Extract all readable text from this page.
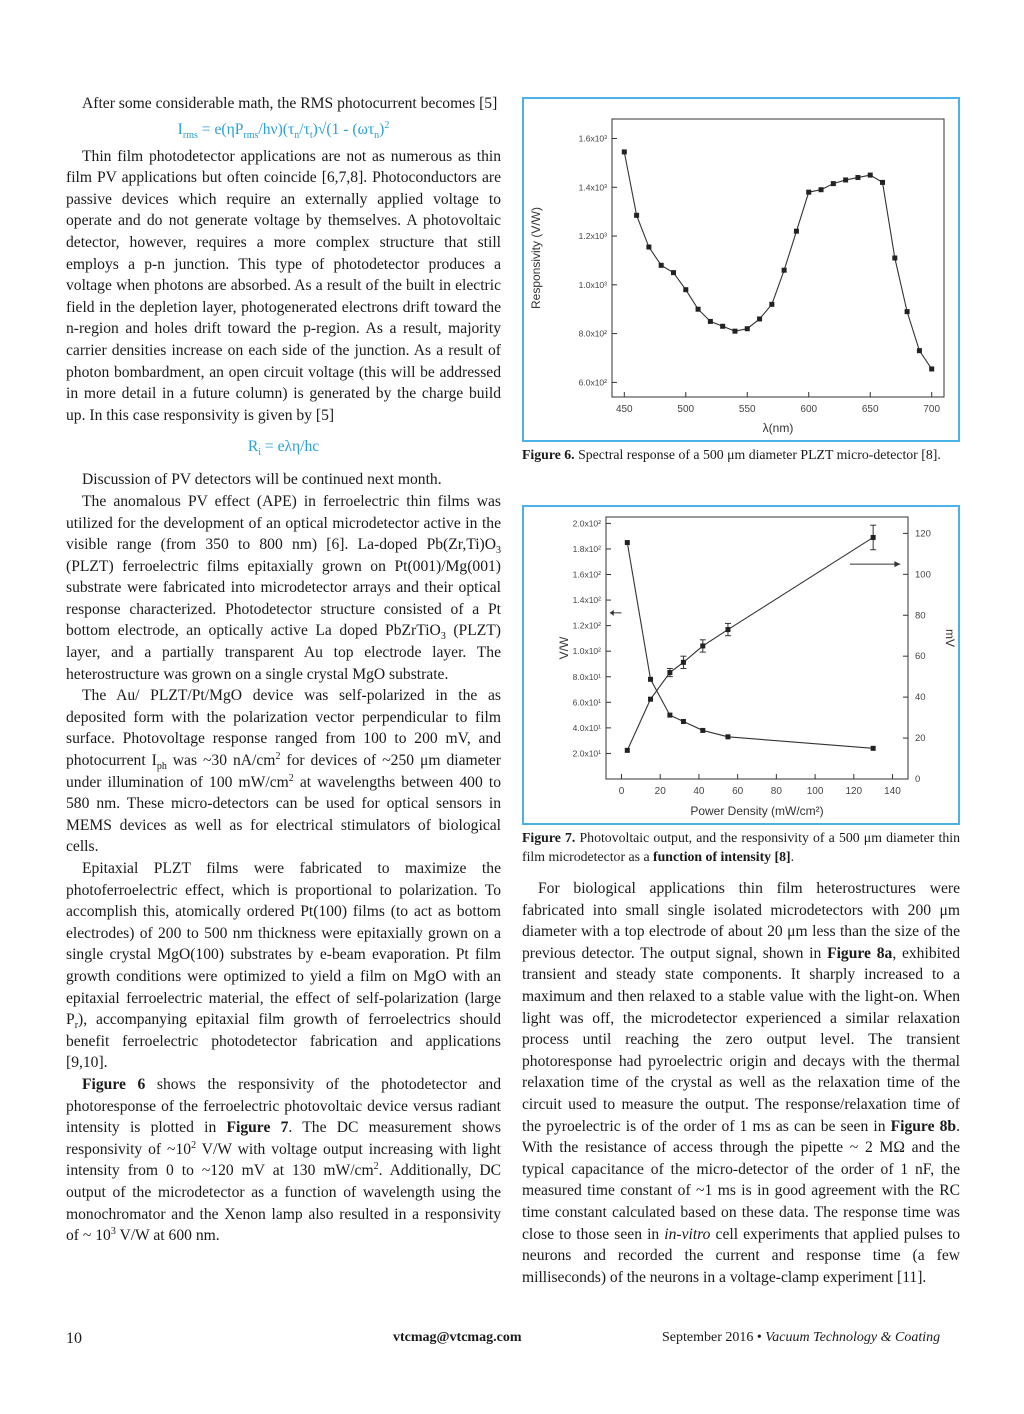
After some considerable math, the RMS photocurrent becomes [5]

$I_{rms} = e(\eta P_{rms}/h\nu)(\tau_n/\tau_t)√(1 - (\omega\tau_n)^2$

Thin film photodetector applications are not as numerous as thin film PV applications but often coincide [6,7,8]. Photoconductors are passive devices which require an externally applied voltage to operate and do not generate voltage by themselves. A photovoltaic detector, however, requires a more complex structure that still employs a p-n junction. This type of photodetector produces a voltage when photons are absorbed. As a result of the built in electric field in the depletion layer, photogenerated electrons drift toward the n-region and holes drift toward the p-region. As a result, majority carrier densities increase on each side of the junction. As a result of photon bombardment, an open circuit voltage (this will be addressed in more detail in a future column) is generated by the charge build up. In this case responsivity is given by [5]

$R_i = e\lambda\eta/hc$

Discussion of PV detectors will be continued next month.

The anomalous PV effect (APE) in ferroelectric thin films was utilized for the development of an optical microdetector active in the visible range (from 350 to 800 nm) [6]. La-doped $Pb(Zr,Ti)O_3$ (PLZT) ferroelectric films epitaxially grown on Pt(001)/Mg(001) substrate were fabricated into microdetector arrays and their optical response characterized. Photodetector structure consisted of a Pt bottom electrode, an optically active La doped PbZrTiO$_3$ (PLZT) layer, and a partially transparent Au top electrode layer. The heterostructure was grown on a single crystal MgO substrate.

The Au/ PLZT/Pt/MgO device was self-polarized in the as deposited form with the polarization vector perpendicular to film surface. Photovoltage response ranged from 100 to 200 mV, and photocurrent $I_{ph}$ was ~30 $nA/cm^2$ for devices of ~250 μm diameter under illumination of 100 $mW/cm^2$ at wavelengths between 400 to 580 nm. These micro-detectors can be used for optical sensors in MEMS devices as well as for electrical stimulators of biological cells.

Epitaxial PLZT films were fabricated to maximize the photoferroelectric effect, which is proportional to polarization. To accomplish this, atomically ordered Pt(100) films (to act as bottom electrodes) of 200 to 500 nm thickness were epitaxially grown on a single crystal MgO(100) substrates by e-beam evaporation. Pt film growth conditions were optimized to yield a film on MgO with an epitaxial ferroelectric material, the effect of self-polarization (large $P_r$), accompanying epitaxial film growth of ferroelectrics should benefit ferroelectric photodetector fabrication and applications [9,10].

Figure 6 shows the responsivity of the photodetector and photoresponse of the ferroelectric photovoltaic device versus radiant intensity is plotted in Figure 7. The DC measurement shows responsivity of $\sim 10^2$ V/W with voltage output increasing with light intensity from 0 to ~120 mV at 130 $mW/cm^2$. Additionally, DC output of the microdetector as a function of wavelength using the monochromator and the Xenon lamp also resulted in a responsivity of ~ $10^3$ V/W at 600 nm.

450	500	550	600	650	700
6.0x10²
8.0x10²
1.0x10³
1.2x10³
1.4x10³
1.6x10³
λ(nm)
Responsivity (V/W)
Figure 6. Spectral response of a 500 μm diameter PLZT micro-detector [8].
0	20	40	60	80 100 120 140
2.0x10¹
4.0x10¹
6.0x10¹
8.0x10¹
1.0x10²
1.2x10²
1.4x10²
1.6x10²
1.8x10²
2.0x10²
0
20
40
60
80
100
120
Power Density (mW/cm²)
V/W	mV
Figure 7. Photovoltaic output, and the responsivity of a 500 μm diameter thin film microdetector as a function of intensity [8].

For biological applications thin film heterostructures were fabricated into small single isolated microdetectors with 200 μm diameter with a top electrode of about 20 μm less than the size of the previous detector. The output signal, shown in Figure 8a, exhibited transient and steady state components. It sharply increased to a maximum and then relaxed to a stable value with the light-on. When light was off, the microdetector experienced a similar relaxation process until reaching the zero output level. The transient photoresponse had pyroelectric origin and decays with the thermal relaxation time of the crystal as well as the relaxation time of the circuit used to measure the output. The response/relaxation time of the pyroelectric is of the order of 1 ms as can be seen in Figure 8b. With the resistance of access through the pipette ~ 2 MΩ and the typical capacitance of the micro-detector of the order of 1 nF, the measured time constant of ~1 ms is in good agreement with the RC time constant calculated based on these data. The response time was close to those seen in in-vitro cell experiments that applied pulses to neurons and recorded the current and response time (a few milliseconds) of the neurons in a voltage-clamp experiment [11].

10	vtcmag@vtcmag.com	September 2016 • Vacuum Technology & Coating
